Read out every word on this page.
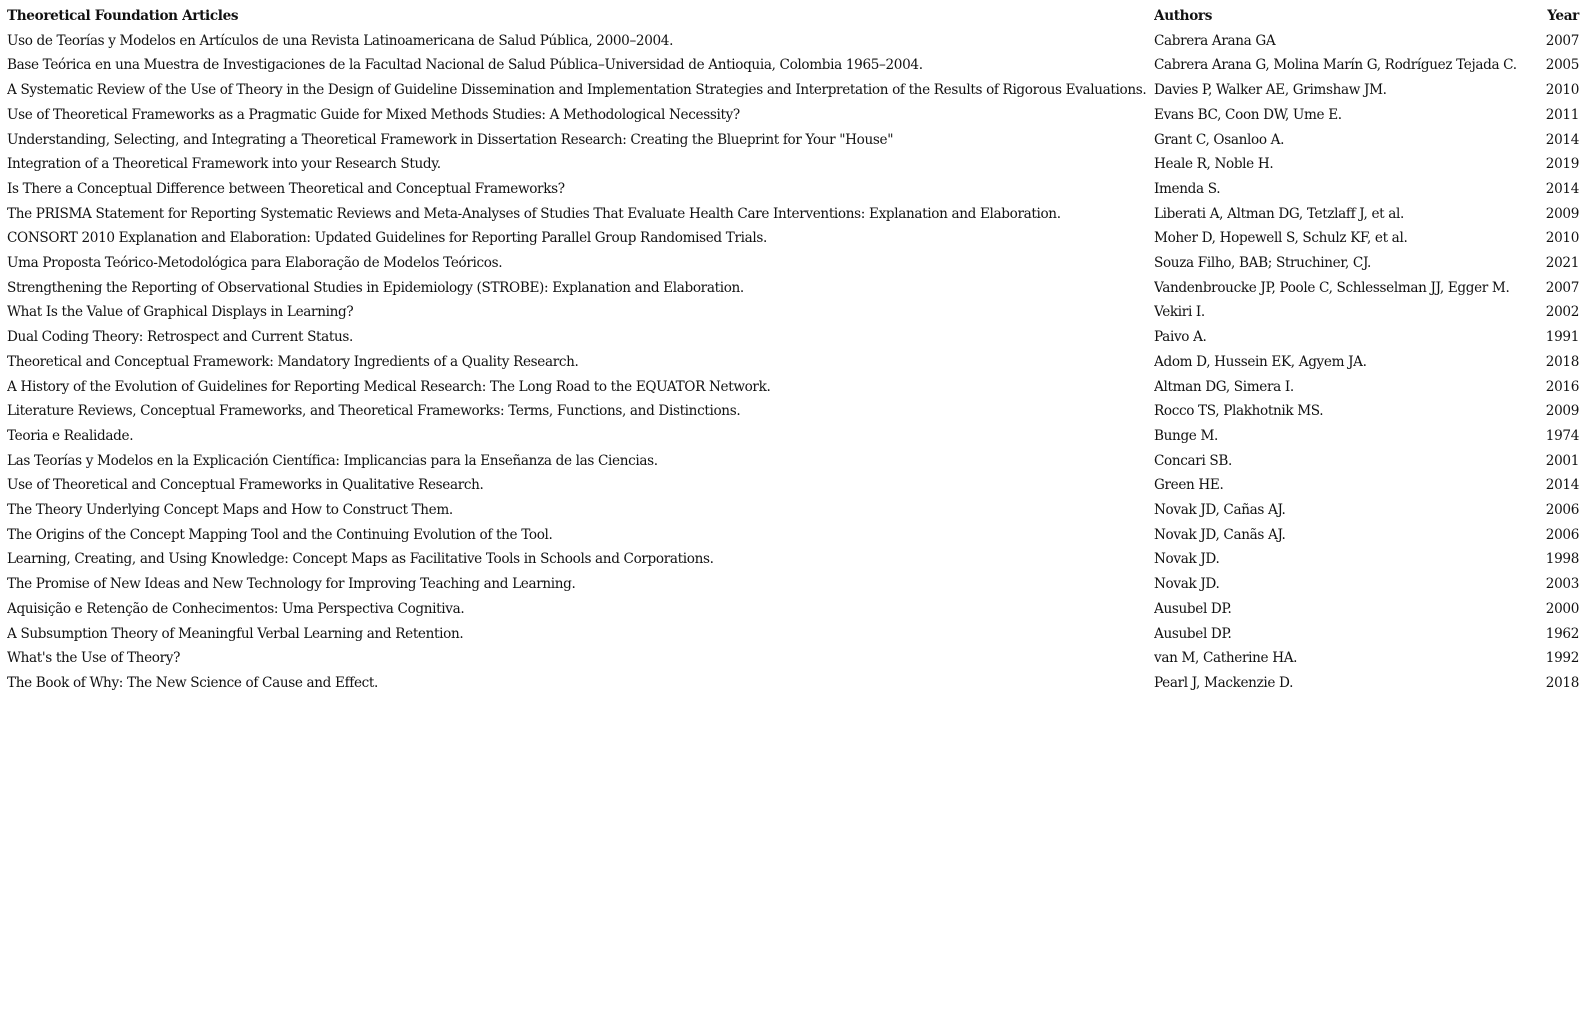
Theoretical Foundation Articles	Authors	Year
Uso de Teorías y Modelos en Artículos de una Revista Latinoamericana de Salud Pública, 2000–2004.	Cabrera Arana GA	2007
Base Teórica en una Muestra de Investigaciones de la Facultad Nacional de Salud Pública–Universidad de Antioquia, Colombia 1965–2004.	Cabrera Arana G, Molina Marín G, Rodríguez Tejada C.	2005
A Systematic Review of the Use of Theory in the Design of Guideline Dissemination and Implementation Strategies and Interpretation of the Results of Rigorous Evaluations.	Davies P, Walker AE, Grimshaw JM.	2010
Use of Theoretical Frameworks as a Pragmatic Guide for Mixed Methods Studies: A Methodological Necessity?	Evans BC, Coon DW, Ume E.	2011
Understanding, Selecting, and Integrating a Theoretical Framework in Dissertation Research: Creating the Blueprint for Your "House"	Grant C, Osanloo A.	2014
Integration of a Theoretical Framework into your Research Study.	Heale R, Noble H.	2019
Is There a Conceptual Difference between Theoretical and Conceptual Frameworks?	Imenda S.	2014
The PRISMA Statement for Reporting Systematic Reviews and Meta-Analyses of Studies That Evaluate Health Care Interventions: Explanation and Elaboration.	Liberati A, Altman DG, Tetzlaff J, et al.	2009
CONSORT 2010 Explanation and Elaboration: Updated Guidelines for Reporting Parallel Group Randomised Trials.	Moher D, Hopewell S, Schulz KF, et al.	2010
Uma Proposta Teórico-Metodológica para Elaboração de Modelos Teóricos.	Souza Filho, BAB; Struchiner, CJ.	2021
Strengthening the Reporting of Observational Studies in Epidemiology (STROBE): Explanation and Elaboration.	Vandenbroucke JP, Poole C, Schlesselman JJ, Egger M.	2007
What Is the Value of Graphical Displays in Learning?	Vekiri I.	2002
Dual Coding Theory: Retrospect and Current Status.	Paivo A.	1991
Theoretical and Conceptual Framework: Mandatory Ingredients of a Quality Research.	Adom D, Hussein EK, Agyem JA.	2018
A History of the Evolution of Guidelines for Reporting Medical Research: The Long Road to the EQUATOR Network.	Altman DG, Simera I.	2016
Literature Reviews, Conceptual Frameworks, and Theoretical Frameworks: Terms, Functions, and Distinctions.	Rocco TS, Plakhotnik MS.	2009
Teoria e Realidade.	Bunge M.	1974
Las Teorías y Modelos en la Explicación Científica: Implicancias para la Enseñanza de las Ciencias.	Concari SB.	2001
Use of Theoretical and Conceptual Frameworks in Qualitative Research.	Green HE.	2014
The Theory Underlying Concept Maps and How to Construct Them.	Novak JD, Cañas AJ.	2006
The Origins of the Concept Mapping Tool and the Continuing Evolution of the Tool.	Novak JD, Canãs AJ.	2006
Learning, Creating, and Using Knowledge: Concept Maps as Facilitative Tools in Schools and Corporations.	Novak JD.	1998
The Promise of New Ideas and New Technology for Improving Teaching and Learning.	Novak JD.	2003
Aquisição e Retenção de Conhecimentos: Uma Perspectiva Cognitiva.	Ausubel DP.	2000
A Subsumption Theory of Meaningful Verbal Learning and Retention.	Ausubel DP.	1962
What's the Use of Theory?	van M, Catherine HA.	1992
The Book of Why: The New Science of Cause and Effect.	Pearl J, Mackenzie D.	2018
